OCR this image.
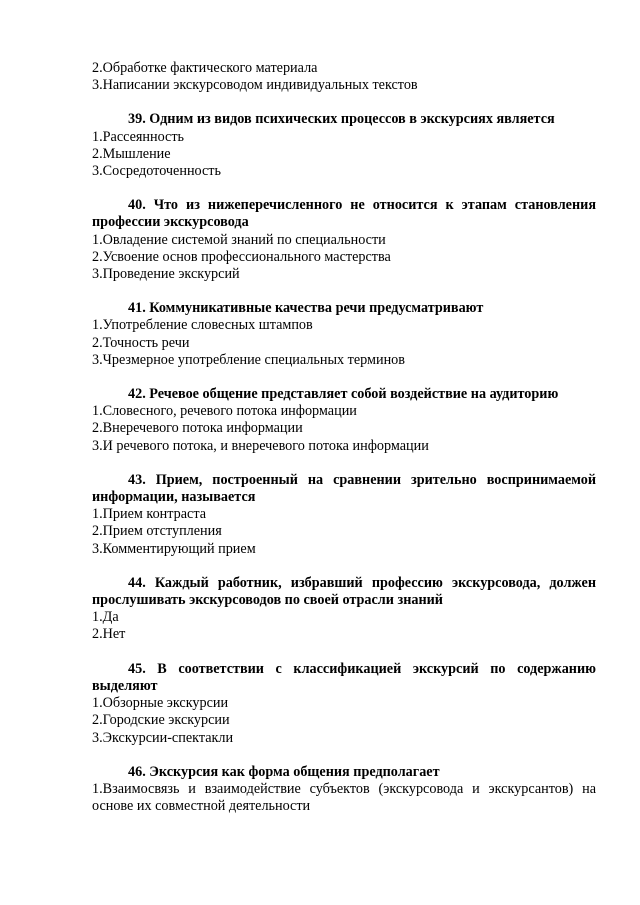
2.Обработке фактического материала
3.Написании экскурсоводом индивидуальных текстов

39. Одним из видов психических процессов в экскурсиях является

1.Рассеянность
2.Мышление
3.Сосредоточенность

40. Что из нижеперечисленного не относится к этапам становления профессии экскурсовода

1.Овладение системой знаний по специальности
2.Усвоение основ профессионального мастерства
3.Проведение экскурсий

41. Коммуникативные качества речи предусматривают

1.Употребление словесных штампов
2.Точность речи
3.Чрезмерное употребление специальных терминов

42. Речевое общение представляет собой воздействие на аудиторию

1.Словесного, речевого потока информации
2.Внеречевого потока информации
3.И речевого потока, и внеречевого потока информации

43. Прием, построенный на сравнении зрительно воспринимаемой информации, называется

1.Прием контраста
2.Прием отступления
3.Комментирующий прием

44. Каждый работник, избравший профессию экскурсовода, должен прослушивать экскурсоводов по своей отрасли знаний

1.Да
2.Нет

45. В соответствии с классификацией экскурсий по содержанию выделяют

1.Обзорные экскурсии
2.Городские экскурсии
3.Экскурсии-спектакли

46. Экскурсия как форма общения предполагает

1.Взаимосвязь и взаимодействие субъектов (экскурсовода и экскурсантов) на основе их совместной деятельности
